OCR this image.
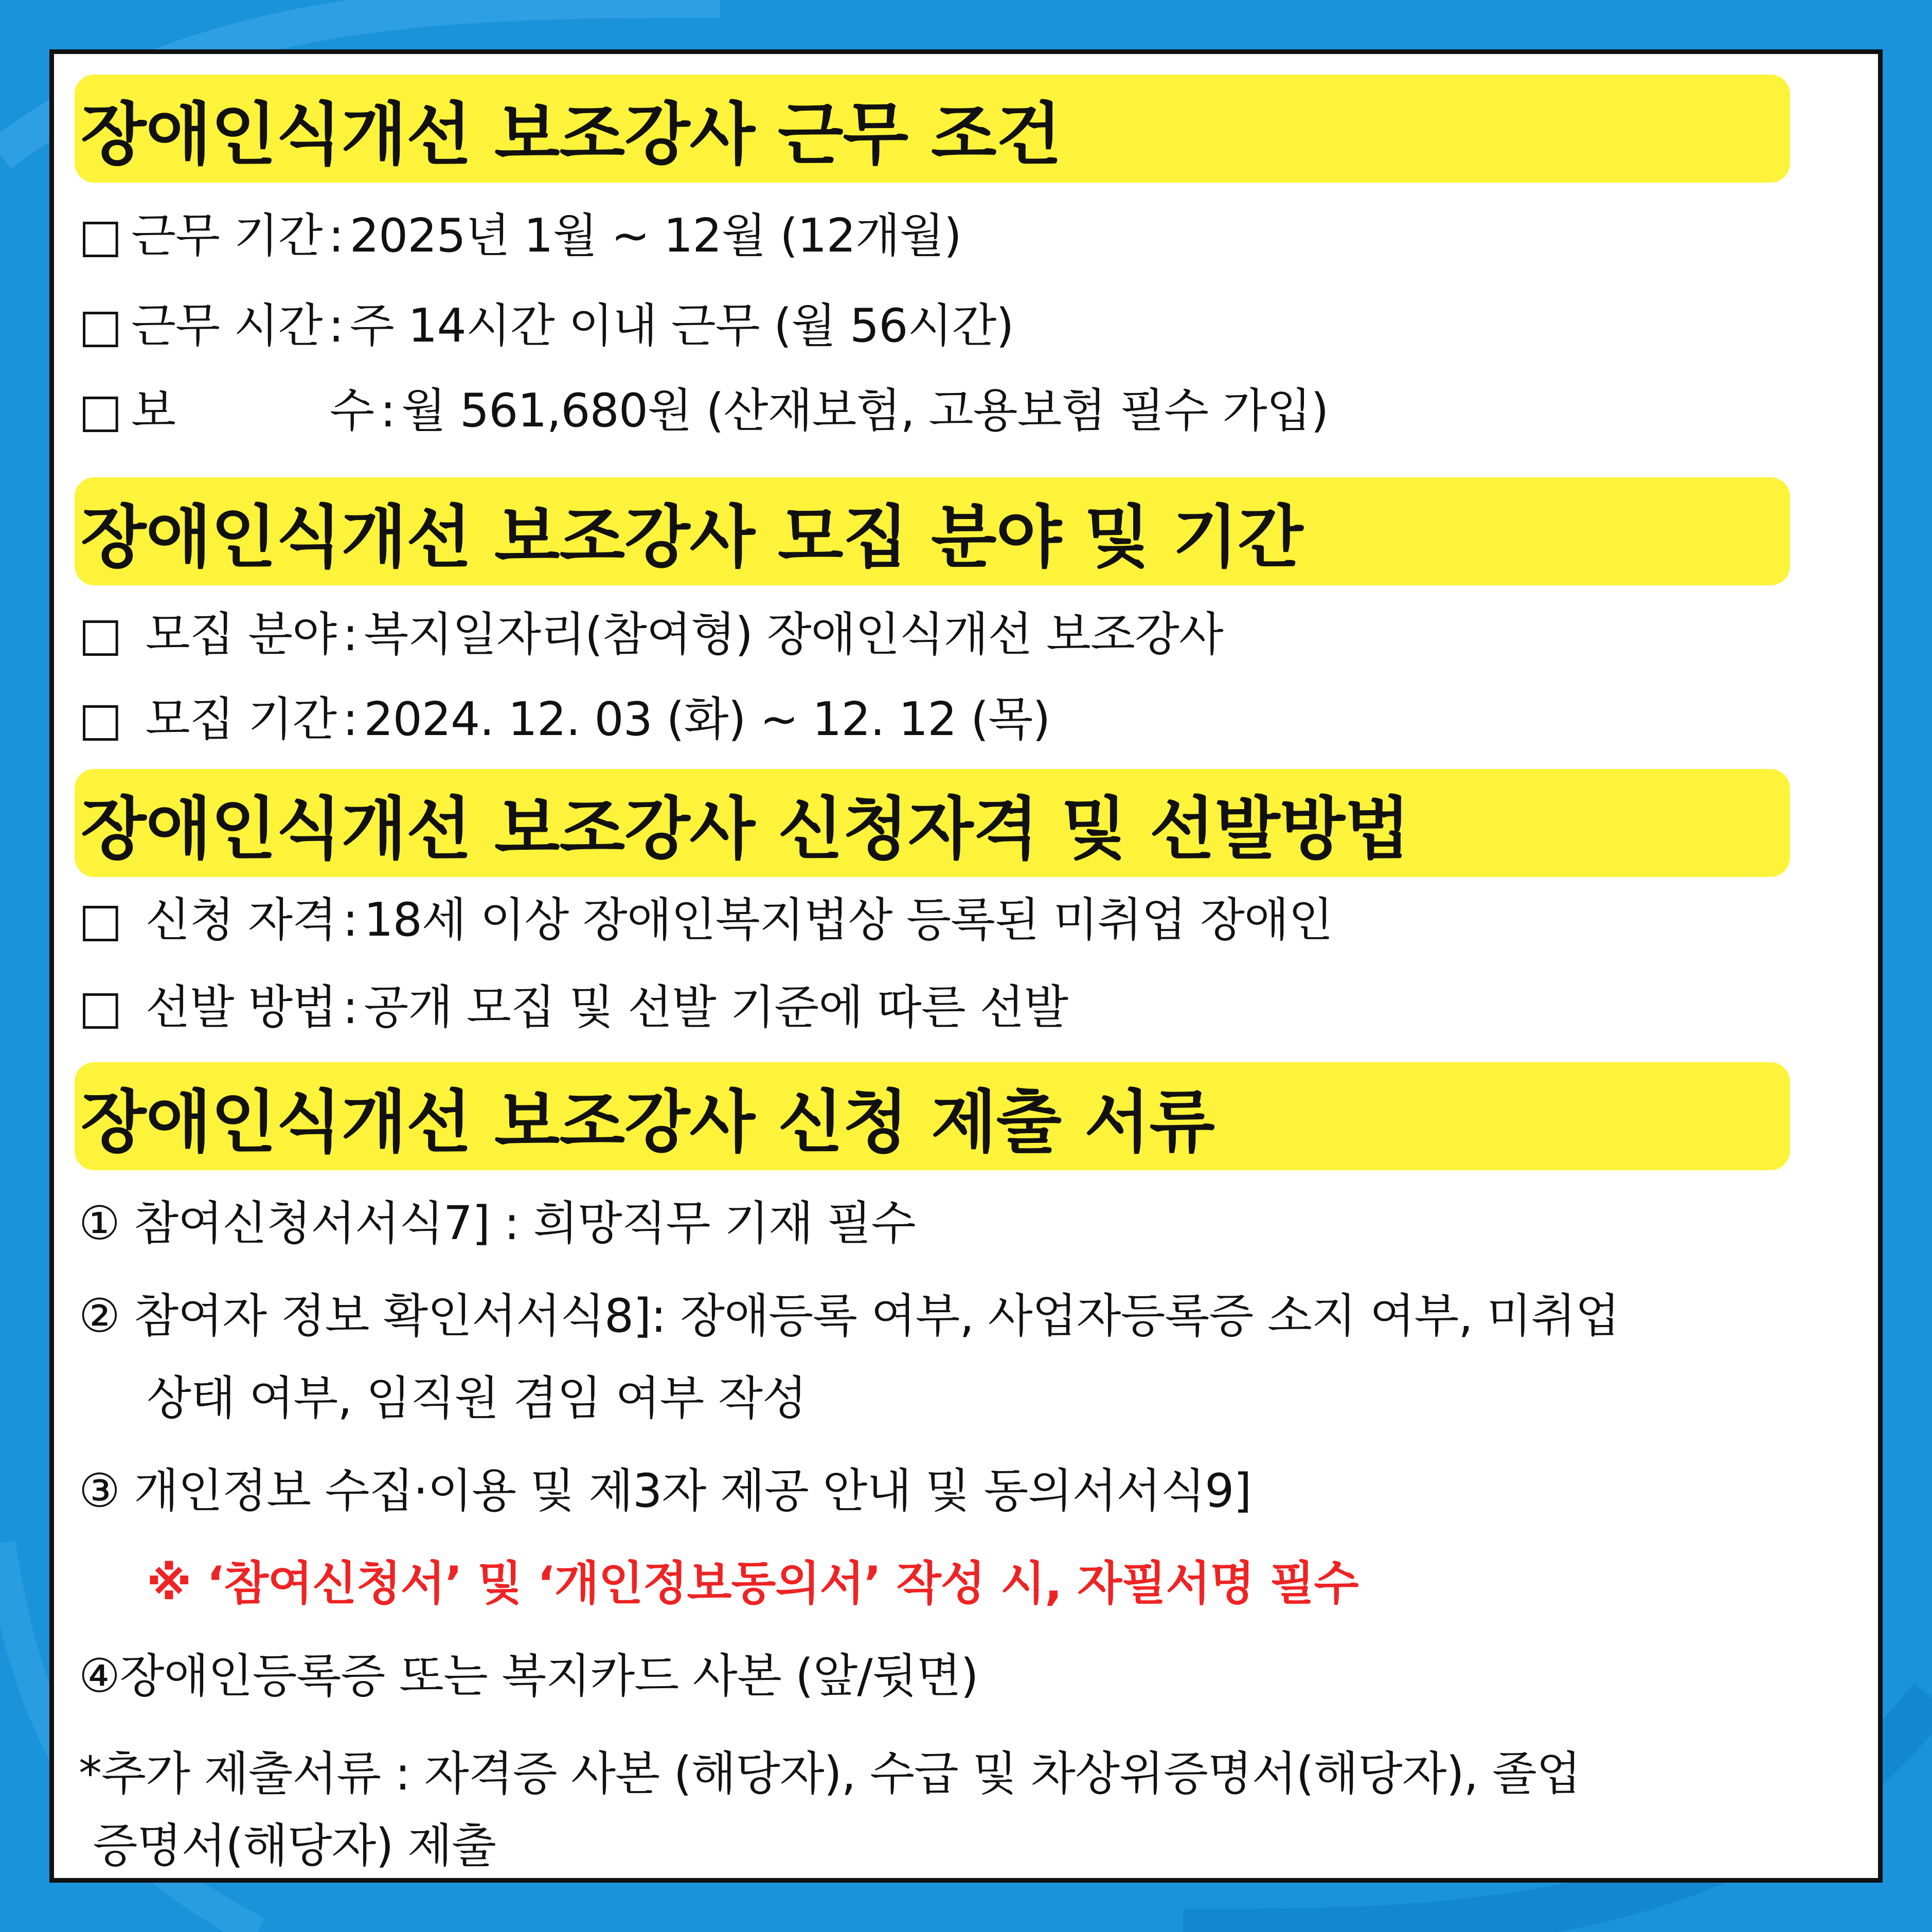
장애인식개선 보조강사 근무 조건
□ 근무 기간 : 2025년 1월 ~ 12월 (12개월)
□ 근무 시간 : 주 14시간 이내 근무 (월 56시간)
□ 보	수 : 월 561,680원 (산재보험, 고용보험 필수 가입)
장애인식개선 보조강사 모집 분야 및 기간
□ 모집 분야 : 복지일자리(참여형) 장애인식개선 보조강사
□ 모집 기간 : 2024. 12. 03 (화) ~ 12. 12 (목)
장애인식개선 보조강사 신청자격 및 선발방법
□ 신청 자격 : 18세 이상 장애인복지법상 등록된 미취업 장애인
□ 선발 방법 : 공개 모집 및 선발 기준에 따른 선발
장애인식개선 보조강사 신청 제출 서류
① 참여신청서서식7] : 희망직무 기재 필수
② 참여자 정보 확인서서식8]: 장애등록 여부, 사업자등록증 소지 여부, 미취업
상태 여부, 임직원 겸임 여부 작성
③ 개인정보 수집·이용 및 제3자 제공 안내 및 동의서서식9]
※ ‘참여신청서’ 및 ‘개인정보동의서’ 작성 시, 자필서명 필수
④장애인등록증 또는 복지카드 사본 (앞/뒷면)
*추가 제출서류 : 자격증 사본 (해당자), 수급 및 차상위증명서(해당자), 졸업
증명서(해당자) 제출
